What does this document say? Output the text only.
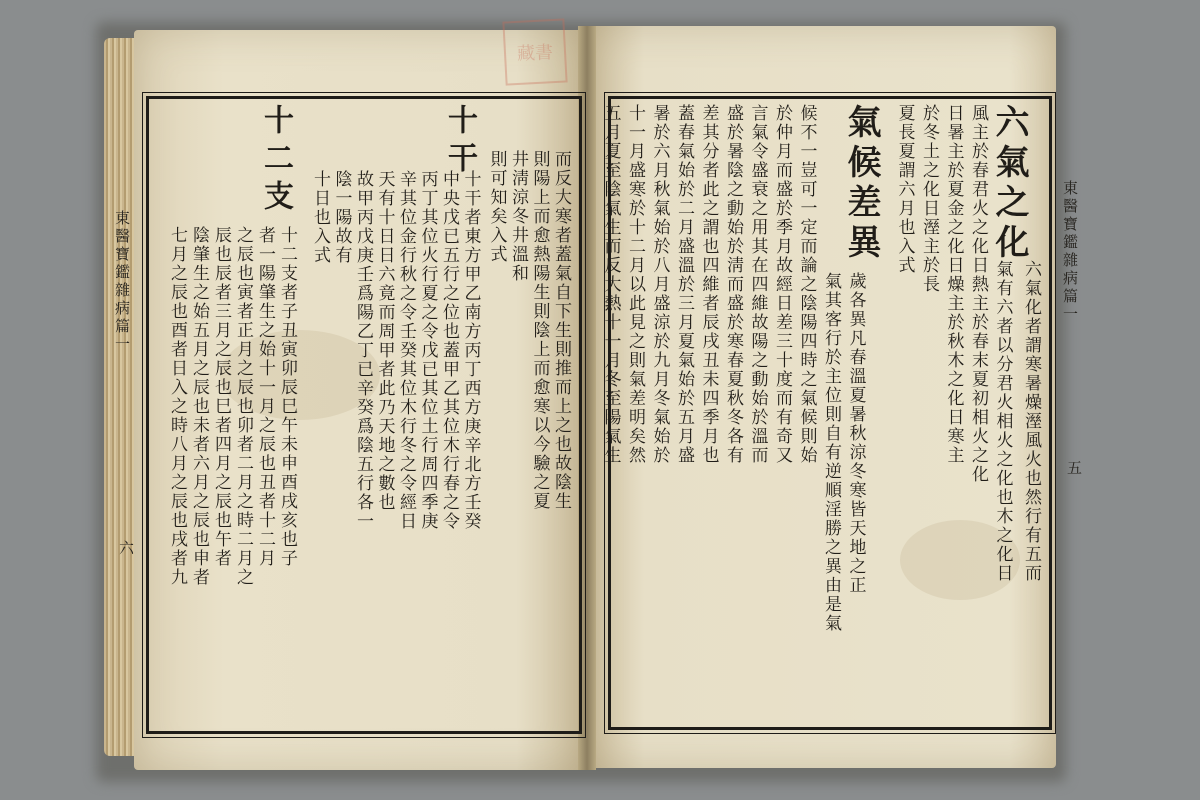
藏書
東醫寶鑑雜病篇一
六
十干
十二支	而反大寒者蓋氣自下生則推而上之也故陰生
則陽上而愈熱陽生則陰上而愈寒以今驗之夏
井淸涼冬井溫和
則可知矣入式
十干者東方甲乙南方丙丁西方庚辛北方壬癸
中央戊已五行之位也蓋甲乙其位木行春之令
丙丁其位火行夏之令戊已其位土行周四季庚
辛其位金行秋之令壬癸其位木行冬之令經日
天有十日日六竟而周甲者此乃天地之數也
故甲丙戊庚壬爲陽乙丁已辛癸爲陰五行各一
陰一陽故有
十日也入式
十二支者子丑寅卯辰巳午未申酉戌亥也子
者一陽肇生之始十一月之辰也丑者十二月
之辰也寅者正月之辰也卯者二月之時二月之
辰也辰者三月之辰也巳者四月之辰也午者
陰肇生之始五月之辰也未者六月之辰也申者
七月之辰也酉者日入之時八月之辰也戌者九	東醫寶鑑雜病篇一
五
六氣之化
氣候差異
六氣化者謂寒暑燥溼風火也然行有五而
氣有六者以分君火相火之化也木之化日
風主於春君火之化日熱主於春末夏初相火之化
日暑主於夏金之化日燥主於秋木之化日寒主
於冬土之化日溼主於長
夏長夏謂六月也入式
歲各異凡春溫夏暑秋涼冬寒皆天地之正
氣其客行於主位則自有逆順淫勝之異由是氣
候不一豈可一定而論之陰陽四時之氣候則始
於仲月而盛於季月故經日差三十度而有奇又
言氣令盛衰之用其在四維故陽之動始於溫而
盛於暑陰之動始於淸而盛於寒春夏秋冬各有
差其分者此之謂也四維者辰戌丑未四季月也
蓋春氣始於二月盛溫於三月夏氣始於五月盛
暑於六月秋氣始於八月盛涼於九月冬氣始於
十一月盛寒於十二月以此見之則氣差明矣然
五月夏至陰氣生而反大熱十一月冬至陽氣生
